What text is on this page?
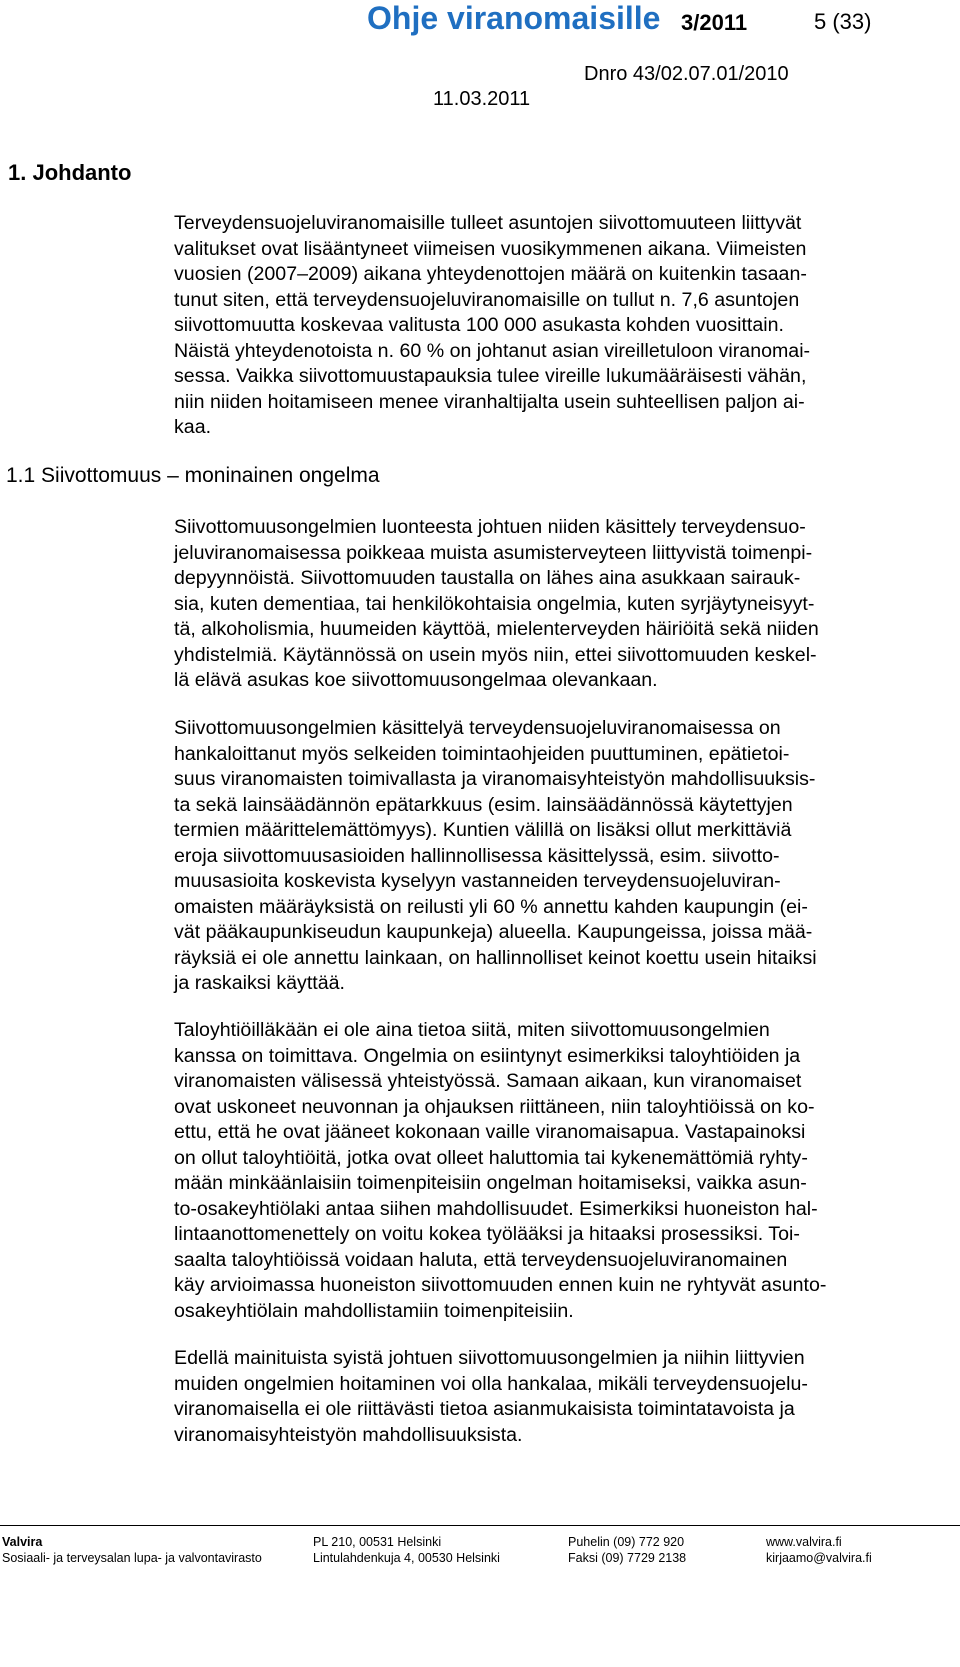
Ohje viranomaisille 3/2011	5 (33)
Dnro 43/02.07.01/2010
11.03.2011
1. Johdanto
Terveydensuojeluviranomaisille tulleet asuntojen siivottomuuteen liittyvät
valitukset ovat lisääntyneet viimeisen vuosikymmenen aikana. Viimeisten
vuosien (2007–2009) aikana yhteydenottojen määrä on kuitenkin tasaan-
tunut siten, että terveydensuojeluviranomaisille on tullut n. 7,6 asuntojen
siivottomuutta koskevaa valitusta 100 000 asukasta kohden vuosittain.
Näistä yhteydenotoista n. 60 % on johtanut asian vireilletuloon viranomai-
sessa. Vaikka siivottomuustapauksia tulee vireille lukumääräisesti vähän,
niin niiden hoitamiseen menee viranhaltijalta usein suhteellisen paljon ai-
kaa.
1.1 Siivottomuus – moninainen ongelma
Siivottomuusongelmien luonteesta johtuen niiden käsittely terveydensuo-
jeluviranomaisessa poikkeaa muista asumisterveyteen liittyvistä toimenpi-
depyynnöistä. Siivottomuuden taustalla on lähes aina asukkaan sairauk-
sia, kuten dementiaa, tai henkilökohtaisia ongelmia, kuten syrjäytyneisyyt-
tä, alkoholismia, huumeiden käyttöä, mielenterveyden häiriöitä sekä niiden
yhdistelmiä. Käytännössä on usein myös niin, ettei siivottomuuden keskel-
lä elävä asukas koe siivottomuusongelmaa olevankaan.
Siivottomuusongelmien käsittelyä terveydensuojeluviranomaisessa on
hankaloittanut myös selkeiden toimintaohjeiden puuttuminen, epätietoi-
suus viranomaisten toimivallasta ja viranomaisyhteistyön mahdollisuuksis-
ta sekä lainsäädännön epätarkkuus (esim. lainsäädännössä käytettyjen
termien määrittelemättömyys). Kuntien välillä on lisäksi ollut merkittäviä
eroja siivottomuusasioiden hallinnollisessa käsittelyssä, esim. siivotto-
muusasioita koskevista kyselyyn vastanneiden terveydensuojeluviran-
omaisten määräyksistä on reilusti yli 60 % annettu kahden kaupungin (ei-
vät pääkaupunkiseudun kaupunkeja) alueella. Kaupungeissa, joissa mää-
räyksiä ei ole annettu lainkaan, on hallinnolliset keinot koettu usein hitaiksi
ja raskaiksi käyttää.
Taloyhtiöilläkään ei ole aina tietoa siitä, miten siivottomuusongelmien
kanssa on toimittava. Ongelmia on esiintynyt esimerkiksi taloyhtiöiden ja
viranomaisten välisessä yhteistyössä. Samaan aikaan, kun viranomaiset
ovat uskoneet neuvonnan ja ohjauksen riittäneen, niin taloyhtiöissä on ko-
ettu, että he ovat jääneet kokonaan vaille viranomaisapua. Vastapainoksi
on ollut taloyhtiöitä, jotka ovat olleet haluttomia tai kykenemättömiä ryhty-
mään minkäänlaisiin toimenpiteisiin ongelman hoitamiseksi, vaikka asun-
to-osakeyhtiölaki antaa siihen mahdollisuudet. Esimerkiksi huoneiston hal-
lintaanottomenettely on voitu kokea työlääksi ja hitaaksi prosessiksi. Toi-
saalta taloyhtiöissä voidaan haluta, että terveydensuojeluviranomainen
käy arvioimassa huoneiston siivottomuuden ennen kuin ne ryhtyvät asunto-
osakeyhtiölain mahdollistamiin toimenpiteisiin.
Edellä mainituista syistä johtuen siivottomuusongelmien ja niihin liittyvien
muiden ongelmien hoitaminen voi olla hankalaa, mikäli terveydensuojelu-
viranomaisella ei ole riittävästi tietoa asianmukaisista toimintatavoista ja
viranomaisyhteistyön mahdollisuuksista.
Valvira
Sosiaali- ja terveysalan lupa- ja valvontavirasto
PL 210, 00531 Helsinki
Lintulahdenkuja 4, 00530 Helsinki
Puhelin (09) 772 920
Faksi (09) 7729 2138
www.valvira.fi
kirjaamo@valvira.fi
